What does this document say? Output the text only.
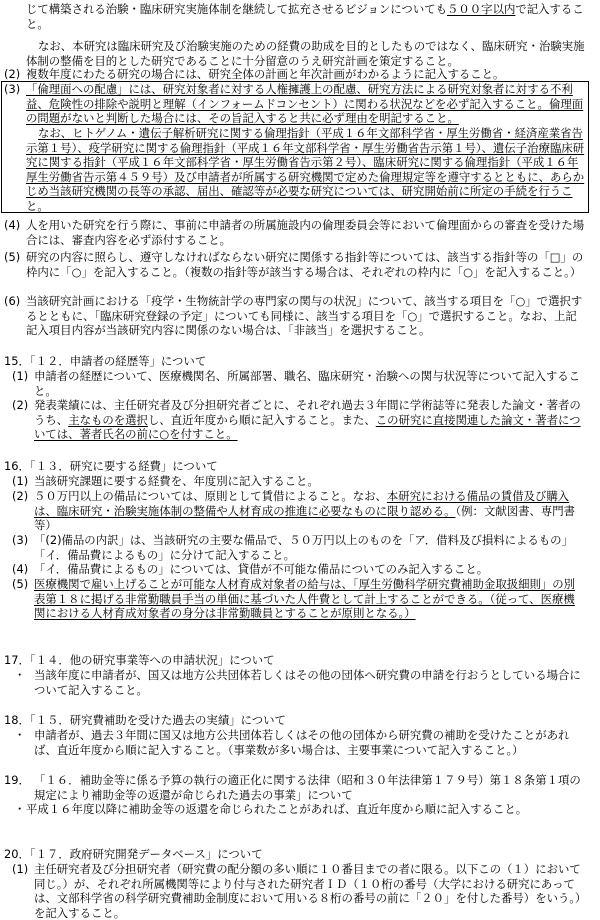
じて構築される治験・臨床研究実施体制を継続して拡充させるビジョンについても５００字以内で記入すること。

なお、本研究は臨床研究及び治験実施のための経費の助成を目的としたものではなく、臨床研究・治験実施体制の整備を目的とした研究であることに十分留意のうえ研究計画を策定すること。

(2) 複数年度にわたる研究の場合には、研究全体の計画と年次計画がわかるように記入すること。

(3) 「倫理面への配慮」には、研究対象者に対する人権擁護上の配慮、研究方法による研究対象者に対する不利益、危険性の排除や説明と理解（インフォームドコンセント）に関わる状況などを必ず記入すること。倫理面の問題がないと判断した場合には、その旨記入すると共に必ず理由を明記すること。

なお、ヒトゲノム・遺伝子解析研究に関する倫理指針（平成１６年文部科学省・厚生労働省・経済産業省告示第１号）、疫学研究に関する倫理指針（平成１６年文部科学省・厚生労働省告示第１号）、遺伝子治療臨床研究に関する指針（平成１６年文部科学省・厚生労働省告示第２号）、臨床研究に関する倫理指針（平成１６年厚生労働省告示第４５９号）及び申請者が所属する研究機関で定めた倫理規定等を遵守するとともに、あらかじめ当該研究機関の長等の承認、届出、確認等が必要な研究については、研究開始前に所定の手続を行うこと。

(4) 人を用いた研究を行う際に、事前に申請者の所属施設内の倫理委員会等において倫理面からの審査を受けた場合には、審査内容を必ず添付すること。

(5) 研究の内容に照らし、遵守しなければならない研究に関係する指針等については、該当する指針等の「□」の枠内に「○」を記入すること。（複数の指針等が該当する場合は、それぞれの枠内に「○」を記入すること。）

(6) 当該研究計画における「疫学・生物統計学の専門家の関与の状況」について、該当する項目を「○」で選択するとともに、「臨床研究登録の予定」についても同様に、該当する項目を「○」で選択すること。なお、上記記入項目内容が当該研究内容に関係のない場合は、「非該当」を選択すること。

15．「１２．申請者の経歴等」について

(1) 申請者の経歴について、医療機関名、所属部署、職名、臨床研究・治験への関与状況等について記入すること。

(2) 発表業績には、主任研究者及び分担研究者ごとに、それぞれ過去３年間に学術誌等に発表した論文・著者のうち、主なものを選択し、直近年度から順に記入すること。また、この研究に直接関連した論文・著者については、著者氏名の前に○を付すこと。

16．「１３．研究に要する経費」について

(1) 当該研究課題に要する経費を、年度別に記入すること。

(2) ５０万円以上の備品については、原則として賃借によること。なお、本研究における備品の賃借及び購入は、臨床研究・治験実施体制の整備や人材育成の推進に必要なものに限り認める。（例：文献図書、専門書等）

(3) 「(2)備品の内訳」は、当該研究の主要な備品で、５０万円以上のものを「ア．借料及び損料によるもの」「イ．備品費によるもの」に分けて記入すること。

(4) 「イ．備品費によるもの」については、貸借が不可能な備品についてのみ記入すること。

(5) 医療機関で雇い上げることが可能な人材育成対象者の給与は、「厚生労働科学研究費補助金取扱細則」の別表第１８に掲げる非常勤職員手当の単価に基づいた人件費として計上することができる。（従って、医療機関における人材育成対象者の身分は非常勤職員とすることが原則となる。）

17．「１４．他の研究事業等への申請状況」について

・ 当該年度に申請者が、国又は地方公共団体若しくはその他の団体へ研究費の申請を行おうとしている場合について記入すること。

18．「１５．研究費補助を受けた過去の実績」について

・ 申請者が、過去３年間に国又は地方公共団体若しくはその他の団体から研究費の補助を受けたことがあれば、直近年度から順に記入すること。（事業数が多い場合は、主要事業について記入すること。）

19． 「１６．補助金等に係る予算の執行の適正化に関する法律（昭和３０年法律第１７９号）第１８条第１項の規定により補助金等の返還が命じられた過去の事業」について

・ 平成１６年度以降に補助金等の返還を命じられたことがあれば、直近年度から順に記入すること。

20．「１７．政府研究開発データベース」について

(1) 主任研究者及び分担研究者（研究費の配分額の多い順に１０番目までの者に限る。以下この（１）において同じ。）が、それぞれ所属機関等により付与された研究者ＩＤ（１０桁の番号（大学における研究にあっては、文部科学省の科学研究費補助金制度において用いる８桁の番号の前に「２０」を付した番号）をいう。）を記入すること。
